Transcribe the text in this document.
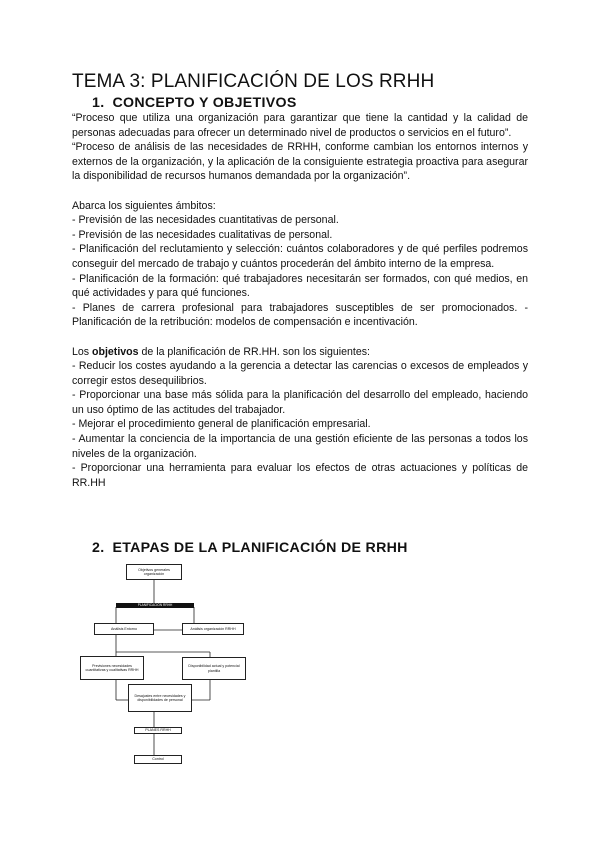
TEMA 3: PLANIFICACIÓN DE LOS RRHH
1. CONCEPTO Y OBJETIVOS

“Proceso que utiliza una organización para garantizar que tiene la cantidad y la calidad de personas adecuadas para ofrecer un determinado nivel de productos o servicios en el futuro”.

“Proceso de análisis de las necesidades de RRHH, conforme cambian los entornos internos y externos de la organización, y la aplicación de la consiguiente estrategia proactiva para asegurar la disponibilidad de recursos humanos demandada por la organización”.

Abarca los siguientes ámbitos:

- Previsión de las necesidades cuantitativas de personal.

- Previsión de las necesidades cualitativas de personal.

- Planificación del reclutamiento y selección: cuántos colaboradores y de qué perfiles podremos conseguir del mercado de trabajo y cuántos procederán del ámbito interno de la empresa.

- Planificación de la formación: qué trabajadores necesitarán ser formados, con qué medios, en qué actividades y para qué funciones.

- Planes de carrera profesional para trabajadores susceptibles de ser promocionados. - Planificación de la retribución: modelos de compensación e incentivación.

Los objetivos de la planificación de RR.HH. son los siguientes:

- Reducir los costes ayudando a la gerencia a detectar las carencias o excesos de empleados y corregir estos desequilibrios.

- Proporcionar una base más sólida para la planificación del desarrollo del empleado, haciendo un uso óptimo de las actitudes del trabajador.

- Mejorar el procedimiento general de planificación empresarial.

- Aumentar la conciencia de la importancia de una gestión eficiente de las personas a todos los niveles de la organización.

- Proporcionar una herramienta para evaluar los efectos de otras actuaciones y políticas de RR.HH

2. ETAPAS DE LA PLANIFICACIÓN DE RRHH
Objetivos generales organización
PLANIFICACIÓN RRHH
Análisis Entorno	Análisis organización RRHH
Previsiones necesidades cuantitativas y cualitativas RRHH
Disponibilidad actual y potencial plantilla
Desajustes entre necesidades y disponibilidades de personal
PLANES RRHH
Control
